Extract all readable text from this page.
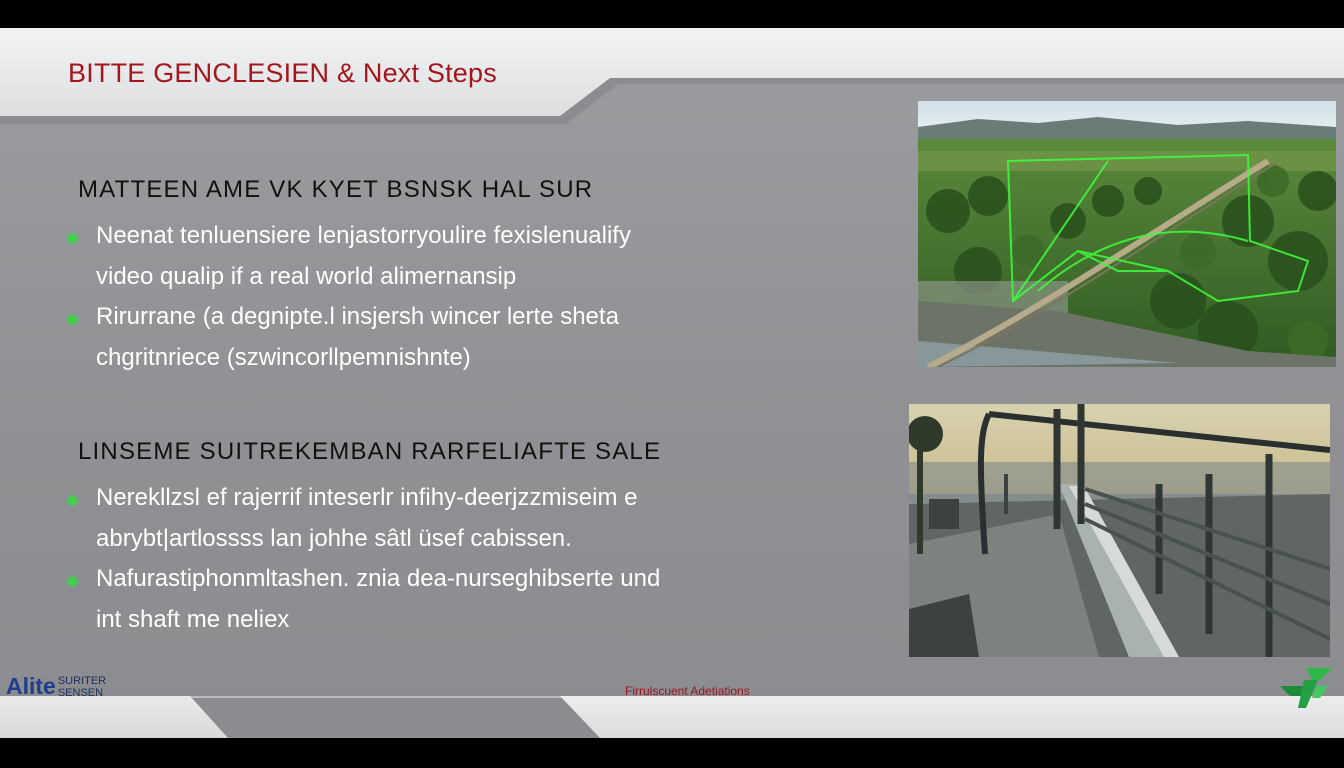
BITTE GENCLESIEN & Next Steps
MATTEEN AME VK KYET BSNSK HAL SUR
Neenat tenluensiere lenjastorryoulire fexislenualify
video qualip if a real world alimernansip
Rirurrane (a degnipte.l insjersh wincer lerte sheta
chgritnriece (szwincorllpemnishnte)
LINSEME SUITREKEMBAN RARFELIAFTE SALE
Nerekllzsl ef rajerrif inteserlr infihy-deerjzzmiseim e
abrybt|artlossss lan johhe sâtl üsef cabissen.
Nafurastiphonmltashen. znia dea-nurseghibserte und
int shaft me neliex
Alite SURITER
SENSEN	Firrulscuent Adetiations
